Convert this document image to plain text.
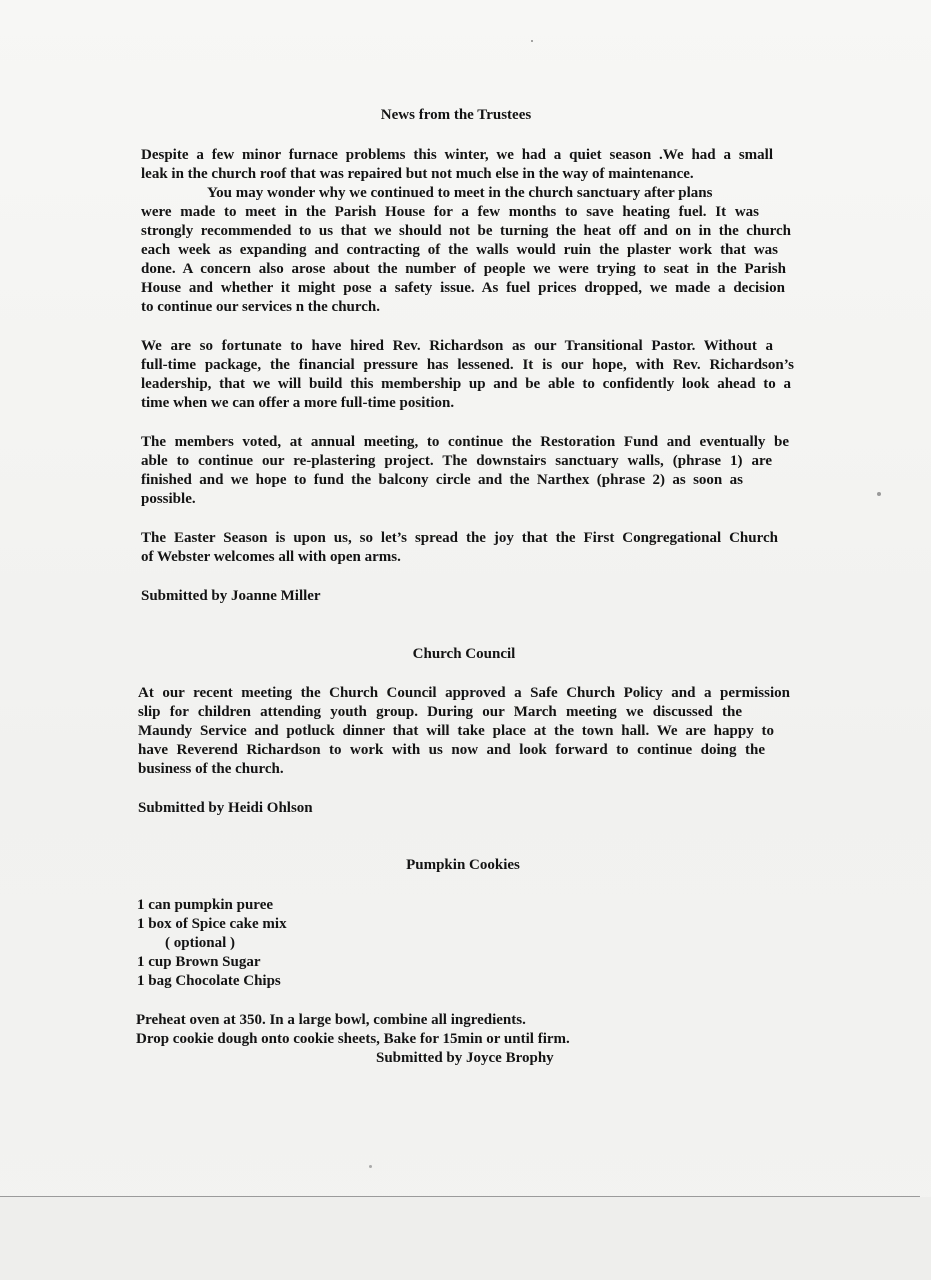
News from the Trustees
Despite a few minor furnace problems this winter, we had a quiet season .We had a small
leak in the church roof that was repaired but not much else in the way of maintenance.
You may wonder why we continued to meet in the church sanctuary after plans
were made to meet in the Parish House for a few months to save heating fuel. It was
strongly recommended to us that we should not be turning the heat off and on in the church
each week as expanding and contracting of the walls would ruin the plaster work that was
done. A concern also arose about the number of people we were trying to seat in the Parish
House and whether it might pose a safety issue. As fuel prices dropped, we made a decision
to continue our services n the church.
We are so fortunate to have hired Rev. Richardson as our Transitional Pastor. Without a
full-time package, the financial pressure has lessened. It is our hope, with Rev. Richardson’s
leadership, that we will build this membership up and be able to confidently look ahead to a
time when we can offer a more full-time position.
The members voted, at annual meeting, to continue the Restoration Fund and eventually be
able to continue our re-plastering project. The downstairs sanctuary walls, (phrase 1) are
finished and we hope to fund the balcony circle and the Narthex (phrase 2) as soon as
possible.
The Easter Season is upon us, so let’s spread the joy that the First Congregational Church
of Webster welcomes all with open arms.
Submitted by Joanne Miller
Church Council
At our recent meeting the Church Council approved a Safe Church Policy and a permission
slip for children attending youth group. During our March meeting we discussed the
Maundy Service and potluck dinner that will take place at the town hall. We are happy to
have Reverend Richardson to work with us now and look forward to continue doing the
business of the church.
Submitted by Heidi Ohlson
Pumpkin Cookies
1 can pumpkin puree
1 box of Spice cake mix
( optional )
1 cup Brown Sugar
1 bag Chocolate Chips
Preheat oven at 350. In a large bowl, combine all ingredients.
Drop cookie dough onto cookie sheets, Bake for 15min or until firm.
Submitted by Joyce Brophy
